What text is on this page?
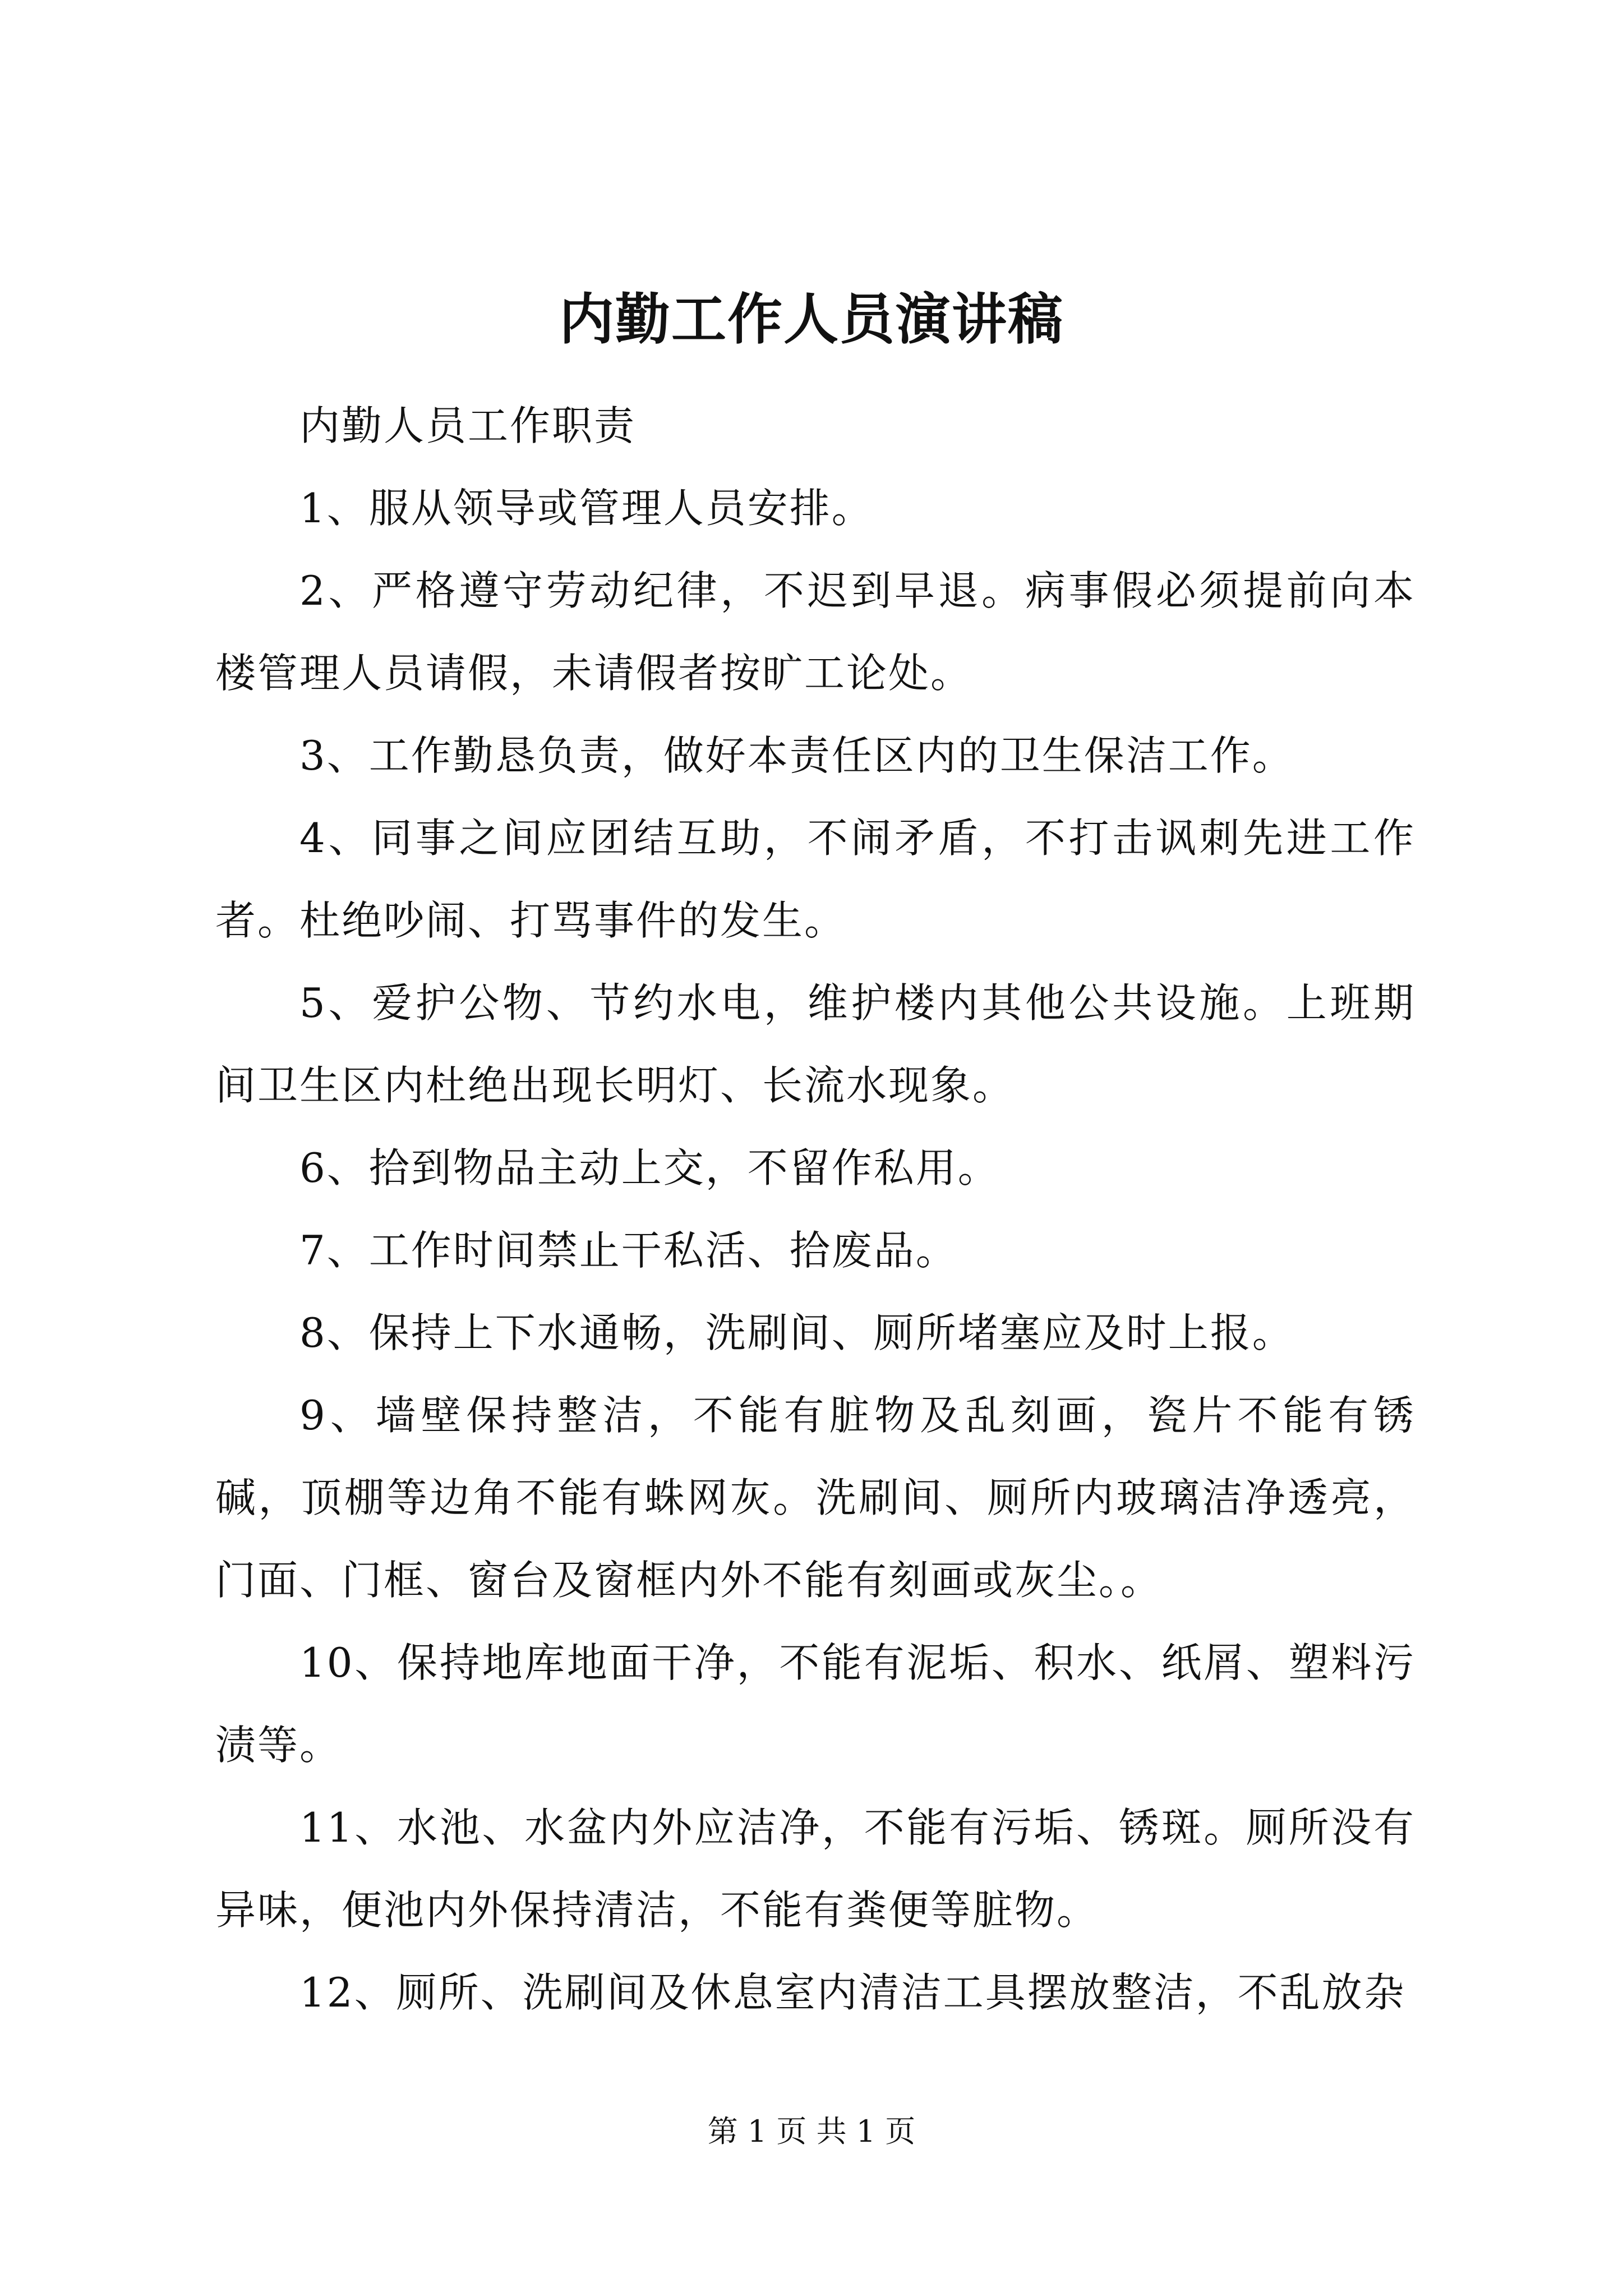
内勤工作人员演讲稿

内勤人员工作职责

1、服从领导或管理人员安排。

2、严格遵守劳动纪律，不迟到早退。病事假必须提前向本楼管理人员请假，未请假者按旷工论处。

3、工作勤恳负责，做好本责任区内的卫生保洁工作。

4、同事之间应团结互助，不闹矛盾，不打击讽刺先进工作者。杜绝吵闹、打骂事件的发生。

5、爱护公物、节约水电，维护楼内其他公共设施。上班期间卫生区内杜绝出现长明灯、长流水现象。

6、拾到物品主动上交，不留作私用。

7、工作时间禁止干私活、拾废品。

8、保持上下水通畅，洗刷间、厕所堵塞应及时上报。

9、墙壁保持整洁，不能有脏物及乱刻画，瓷片不能有锈碱，顶棚等边角不能有蛛网灰。洗刷间、厕所内玻璃洁净透亮，门面、门框、窗台及窗框内外不能有刻画或灰尘。。

10、保持地库地面干净，不能有泥垢、积水、纸屑、塑料污渍等。

11、水池、水盆内外应洁净，不能有污垢、锈斑。厕所没有异味，便池内外保持清洁，不能有粪便等脏物。

12、厕所、洗刷间及休息室内清洁工具摆放整洁，不乱放杂

第 1 页 共 1 页
